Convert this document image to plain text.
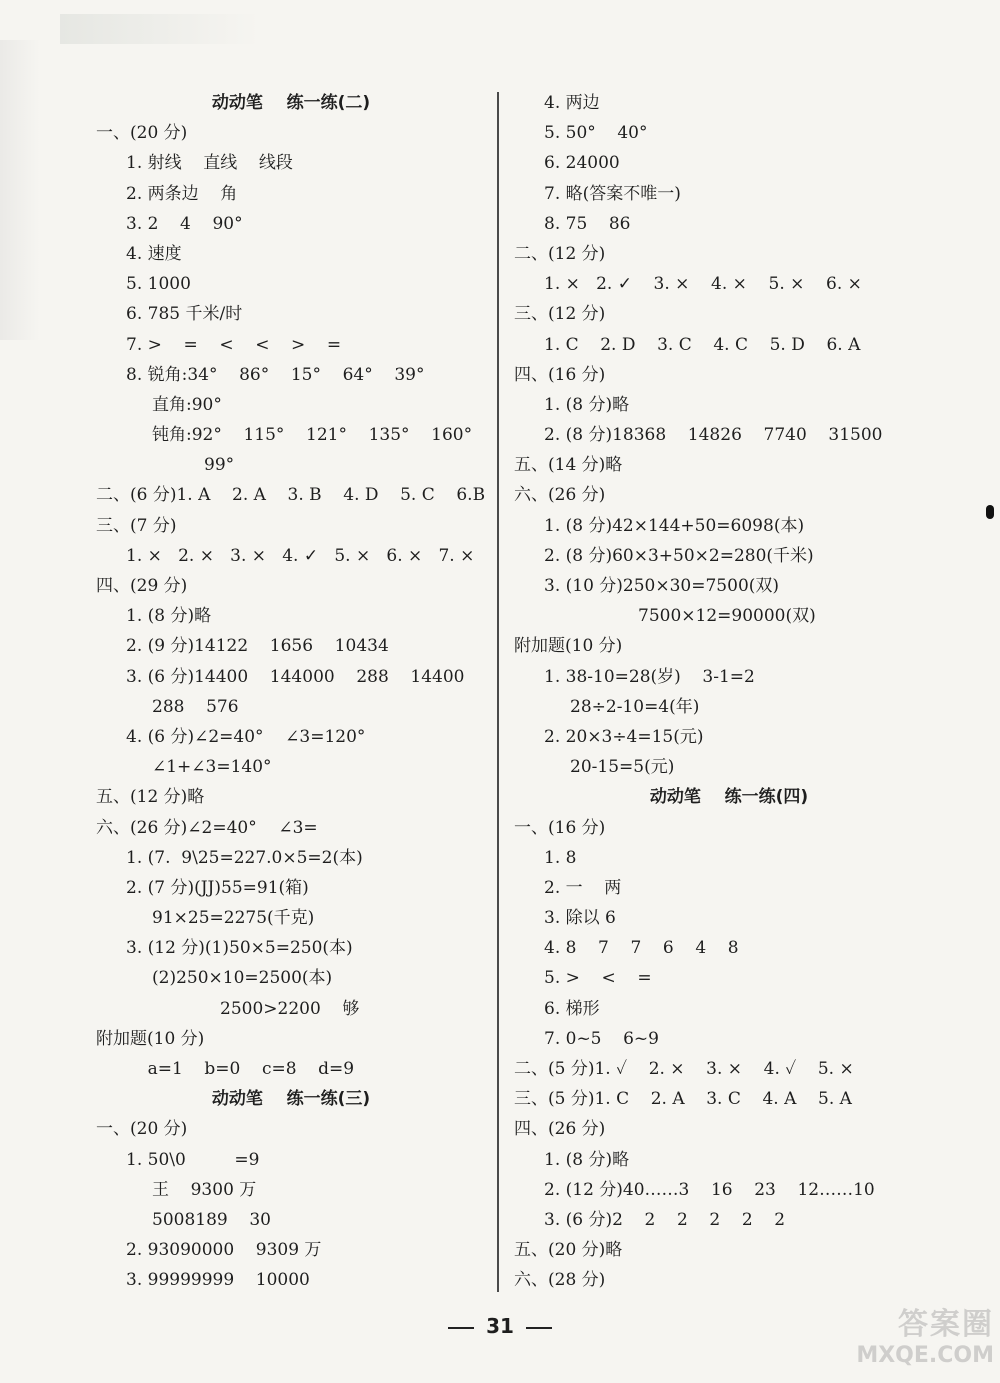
动动笔    练一练(二)
一、(20 分)
1. 射线    直线    线段
2. 两条边    角
3. 2    4    90°
4. 速度
5. 1000
6. 785 千米/时
7. >    =    <    <    >    =
8. 锐角:34°    86°    15°    64°    39°
直角:90°
钝角:92°    115°    121°    135°    160°
99°
二、(6 分)1. A    2. A    3. B    4. D    5. C    6.B
三、(7 分)
1. ×   2. ×   3. ×   4. ✓   5. ×   6. ×   7. ×
四、(29 分)
1. (8 分)略
2. (9 分)14122    1656    10434
3. (6 分)14400    144000    288    14400
288    576
4. (6 分)∠2=40°    ∠3=120°
∠1+∠3=140°
五、(12 分)略
六、(26 分)∠2=40°    ∠3=
1. (7.  9\25=227.0×5=2(本)
2. (7 分)(JJ)55=91(箱)
91×25=2275(千克)
3. (12 分)(1)50×5=250(本)
(2)250×10=2500(本)
2500>2200    够
附加题(10 分)
a=1    b=0    c=8    d=9
动动笔    练一练(三)
一、(20 分)
1. 50\0         =9
王    9300 万
5008189    30
2. 93090000    9309 万
3. 99999999    10000
4. 两边
5. 50°    40°
6. 24000
7. 略(答案不唯一)
8. 75    86
二、(12 分)
1. ×   2. ✓    3. ×    4. ×    5. ×    6. ×
三、(12 分)
1. C    2. D    3. C    4. C    5. D    6. A
四、(16 分)
1. (8 分)略
2. (8 分)18368    14826    7740    31500
五、(14 分)略
六、(26 分)
1. (8 分)42×144+50=6098(本)
2. (8 分)60×3+50×2=280(千米)
3. (10 分)250×30=7500(双)
7500×12=90000(双)
附加题(10 分)
1. 38-10=28(岁)    3-1=2
28÷2-10=4(年)
2. 20×3÷4=15(元)
20-15=5(元)
动动笔    练一练(四)
一、(16 分)
1. 8
2. 一    两
3. 除以 6
4. 8    7    7    6    4    8
5. >    <    =
6. 梯形
7. 0~5    6~9
二、(5 分)1. ✓    2. ×    3. ×    4. ✓    5. ×
三、(5 分)1. C    2. A    3. C    4. A    5. A
四、(26 分)
1. (8 分)略
2. (12 分)40……3    16    23    12……10
3. (6 分)2    2    2    2    2    2
五、(20 分)略
六、(28 分)
31	答案圈
MXQE.COM
